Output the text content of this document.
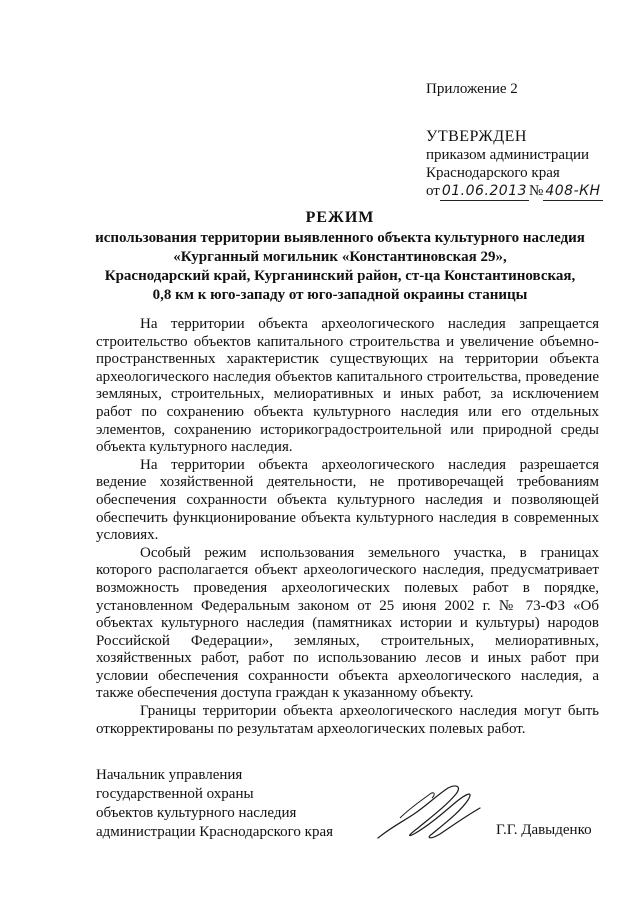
Приложение 2
УТВЕРЖДЕН
приказом администрации
Краснодарского края
от 01.06.2013 № 408-КН
РЕЖИМ
использования территории выявленного объекта культурного наследия
«Курганный могильник «Константиновская 29»,
Краснодарский край, Курганинский район, ст-ца Константиновская,
0,8 км к юго-западу от юго-западной окраины станицы

На территории объекта археологического наследия запрещается строительство объектов капитального строительства и увеличение объемно-пространственных характеристик существующих на территории объекта археологического наследия объектов капитального строительства, проведение земляных, строительных, мелиоративных и иных работ, за исключением работ по сохранению объекта культурного наследия или его отдельных элементов, сохранению историкоградостроительной или природной среды объекта культурного наследия.

На территории объекта археологического наследия разрешается ведение хозяйственной деятельности, не противоречащей требованиям обеспечения сохранности объекта культурного наследия и позволяющей обеспечить функционирование объекта культурного наследия в современных условиях.

Особый режим использования земельного участка, в границах которого располагается объект археологического наследия, предусматривает возможность проведения археологических полевых работ в порядке, установленном Федеральным законом от 25 июня 2002 г. № 73-ФЗ «Об объектах культурного наследия (памятниках истории и культуры) народов Российской Федерации», земляных, строительных, мелиоративных, хозяйственных работ, работ по использованию лесов и иных работ при условии обеспечения сохранности объекта археологического наследия, а также обеспечения доступа граждан к указанному объекту.

Границы территории объекта археологического наследия могут быть откорректированы по результатам археологических полевых работ.

Начальник управления
государственной охраны
объектов культурного наследия
администрации Краснодарского края	Г.Г. Давыденко
